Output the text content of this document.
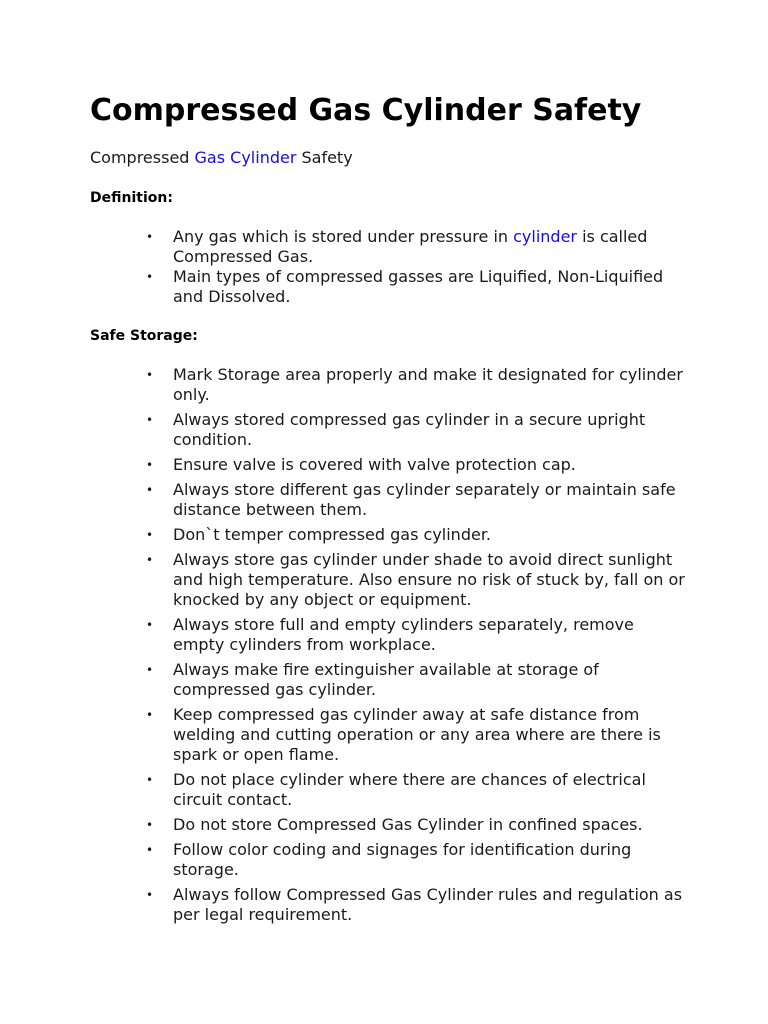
Compressed Gas Cylinder Safety
Compressed Gas Cylinder Safety
Definition:
• Any gas which is stored under pressure in cylinder is called Compressed Gas.
• Main types of compressed gasses are Liquified, Non-Liquified and Dissolved.
Safe Storage:
• Mark Storage area properly and make it designated for cylinder only.
• Always stored compressed gas cylinder in a secure upright condition.
• Ensure valve is covered with valve protection cap.
• Always store different gas cylinder separately or maintain safe distance between them.
• Don`t temper compressed gas cylinder.
• Always store gas cylinder under shade to avoid direct sunlight and high temperature. Also ensure no risk of stuck by, fall on or knocked by any object or equipment.
• Always store full and empty cylinders separately, remove empty cylinders from workplace.
• Always make fire extinguisher available at storage of compressed gas cylinder.
• Keep compressed gas cylinder away at safe distance from welding and cutting operation or any area where are there is spark or open flame.
• Do not place cylinder where there are chances of electrical circuit contact.
• Do not store Compressed Gas Cylinder in confined spaces.
• Follow color coding and signages for identification during storage.
• Always follow Compressed Gas Cylinder rules and regulation as per legal requirement.
